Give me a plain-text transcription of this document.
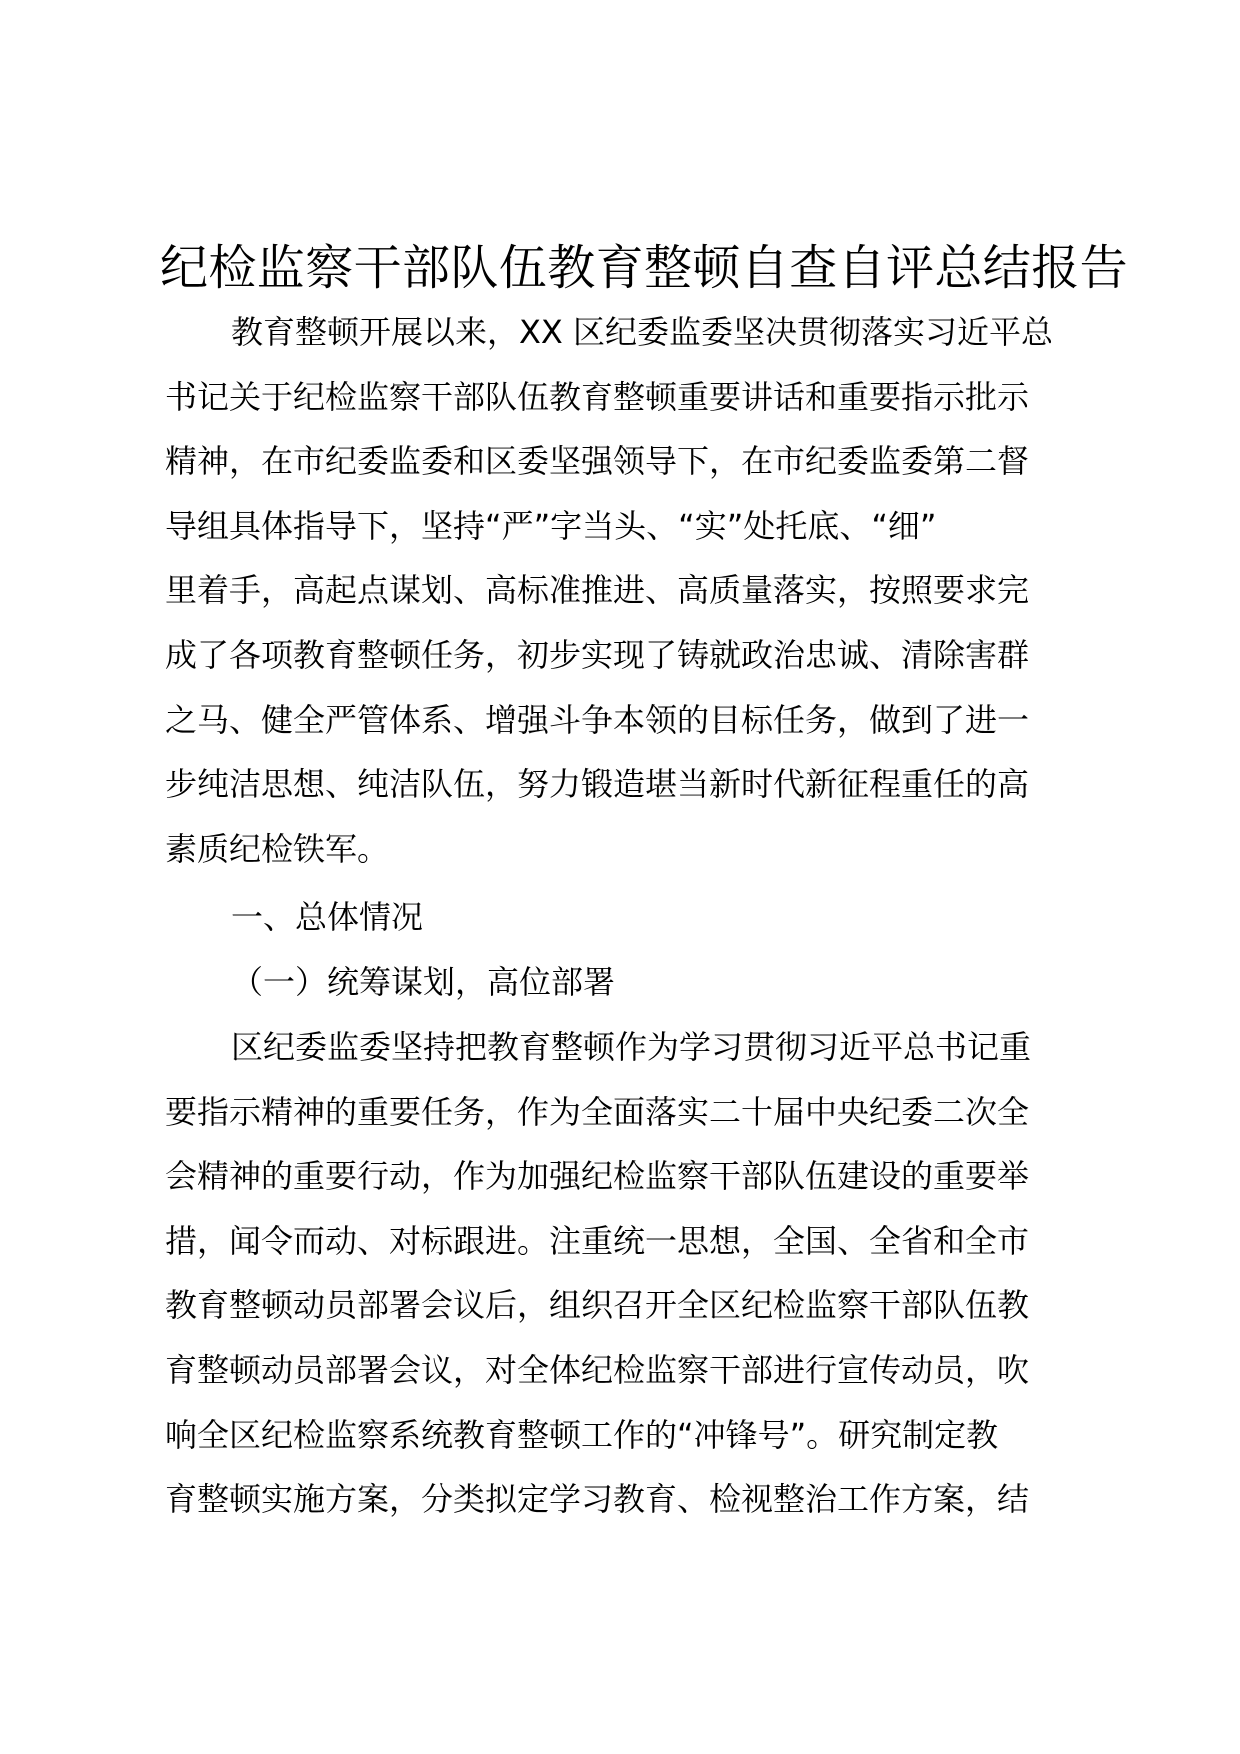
纪检监察干部队伍教育整顿自查自评总结报告
教育整顿开展以来，XX 区纪委监委坚决贯彻落实习近平总
书记关于纪检监察干部队伍教育整顿重要讲话和重要指示批示
精神，在市纪委监委和区委坚强领导下，在市纪委监委第二督
导组具体指导下，坚持“严”字当头、“实”处托底、“细”
里着手，高起点谋划、高标准推进、高质量落实，按照要求完
成了各项教育整顿任务，初步实现了铸就政治忠诚、清除害群
之马、健全严管体系、增强斗争本领的目标任务，做到了进一
步纯洁思想、纯洁队伍，努力锻造堪当新时代新征程重任的高
素质纪检铁军。
一、总体情况
（一）统筹谋划，高位部署
区纪委监委坚持把教育整顿作为学习贯彻习近平总书记重
要指示精神的重要任务，作为全面落实二十届中央纪委二次全
会精神的重要行动，作为加强纪检监察干部队伍建设的重要举
措，闻令而动、对标跟进。注重统一思想，全国、全省和全市
教育整顿动员部署会议后，组织召开全区纪检监察干部队伍教
育整顿动员部署会议，对全体纪检监察干部进行宣传动员，吹
响全区纪检监察系统教育整顿工作的“冲锋号”。研究制定教
育整顿实施方案，分类拟定学习教育、检视整治工作方案，结
